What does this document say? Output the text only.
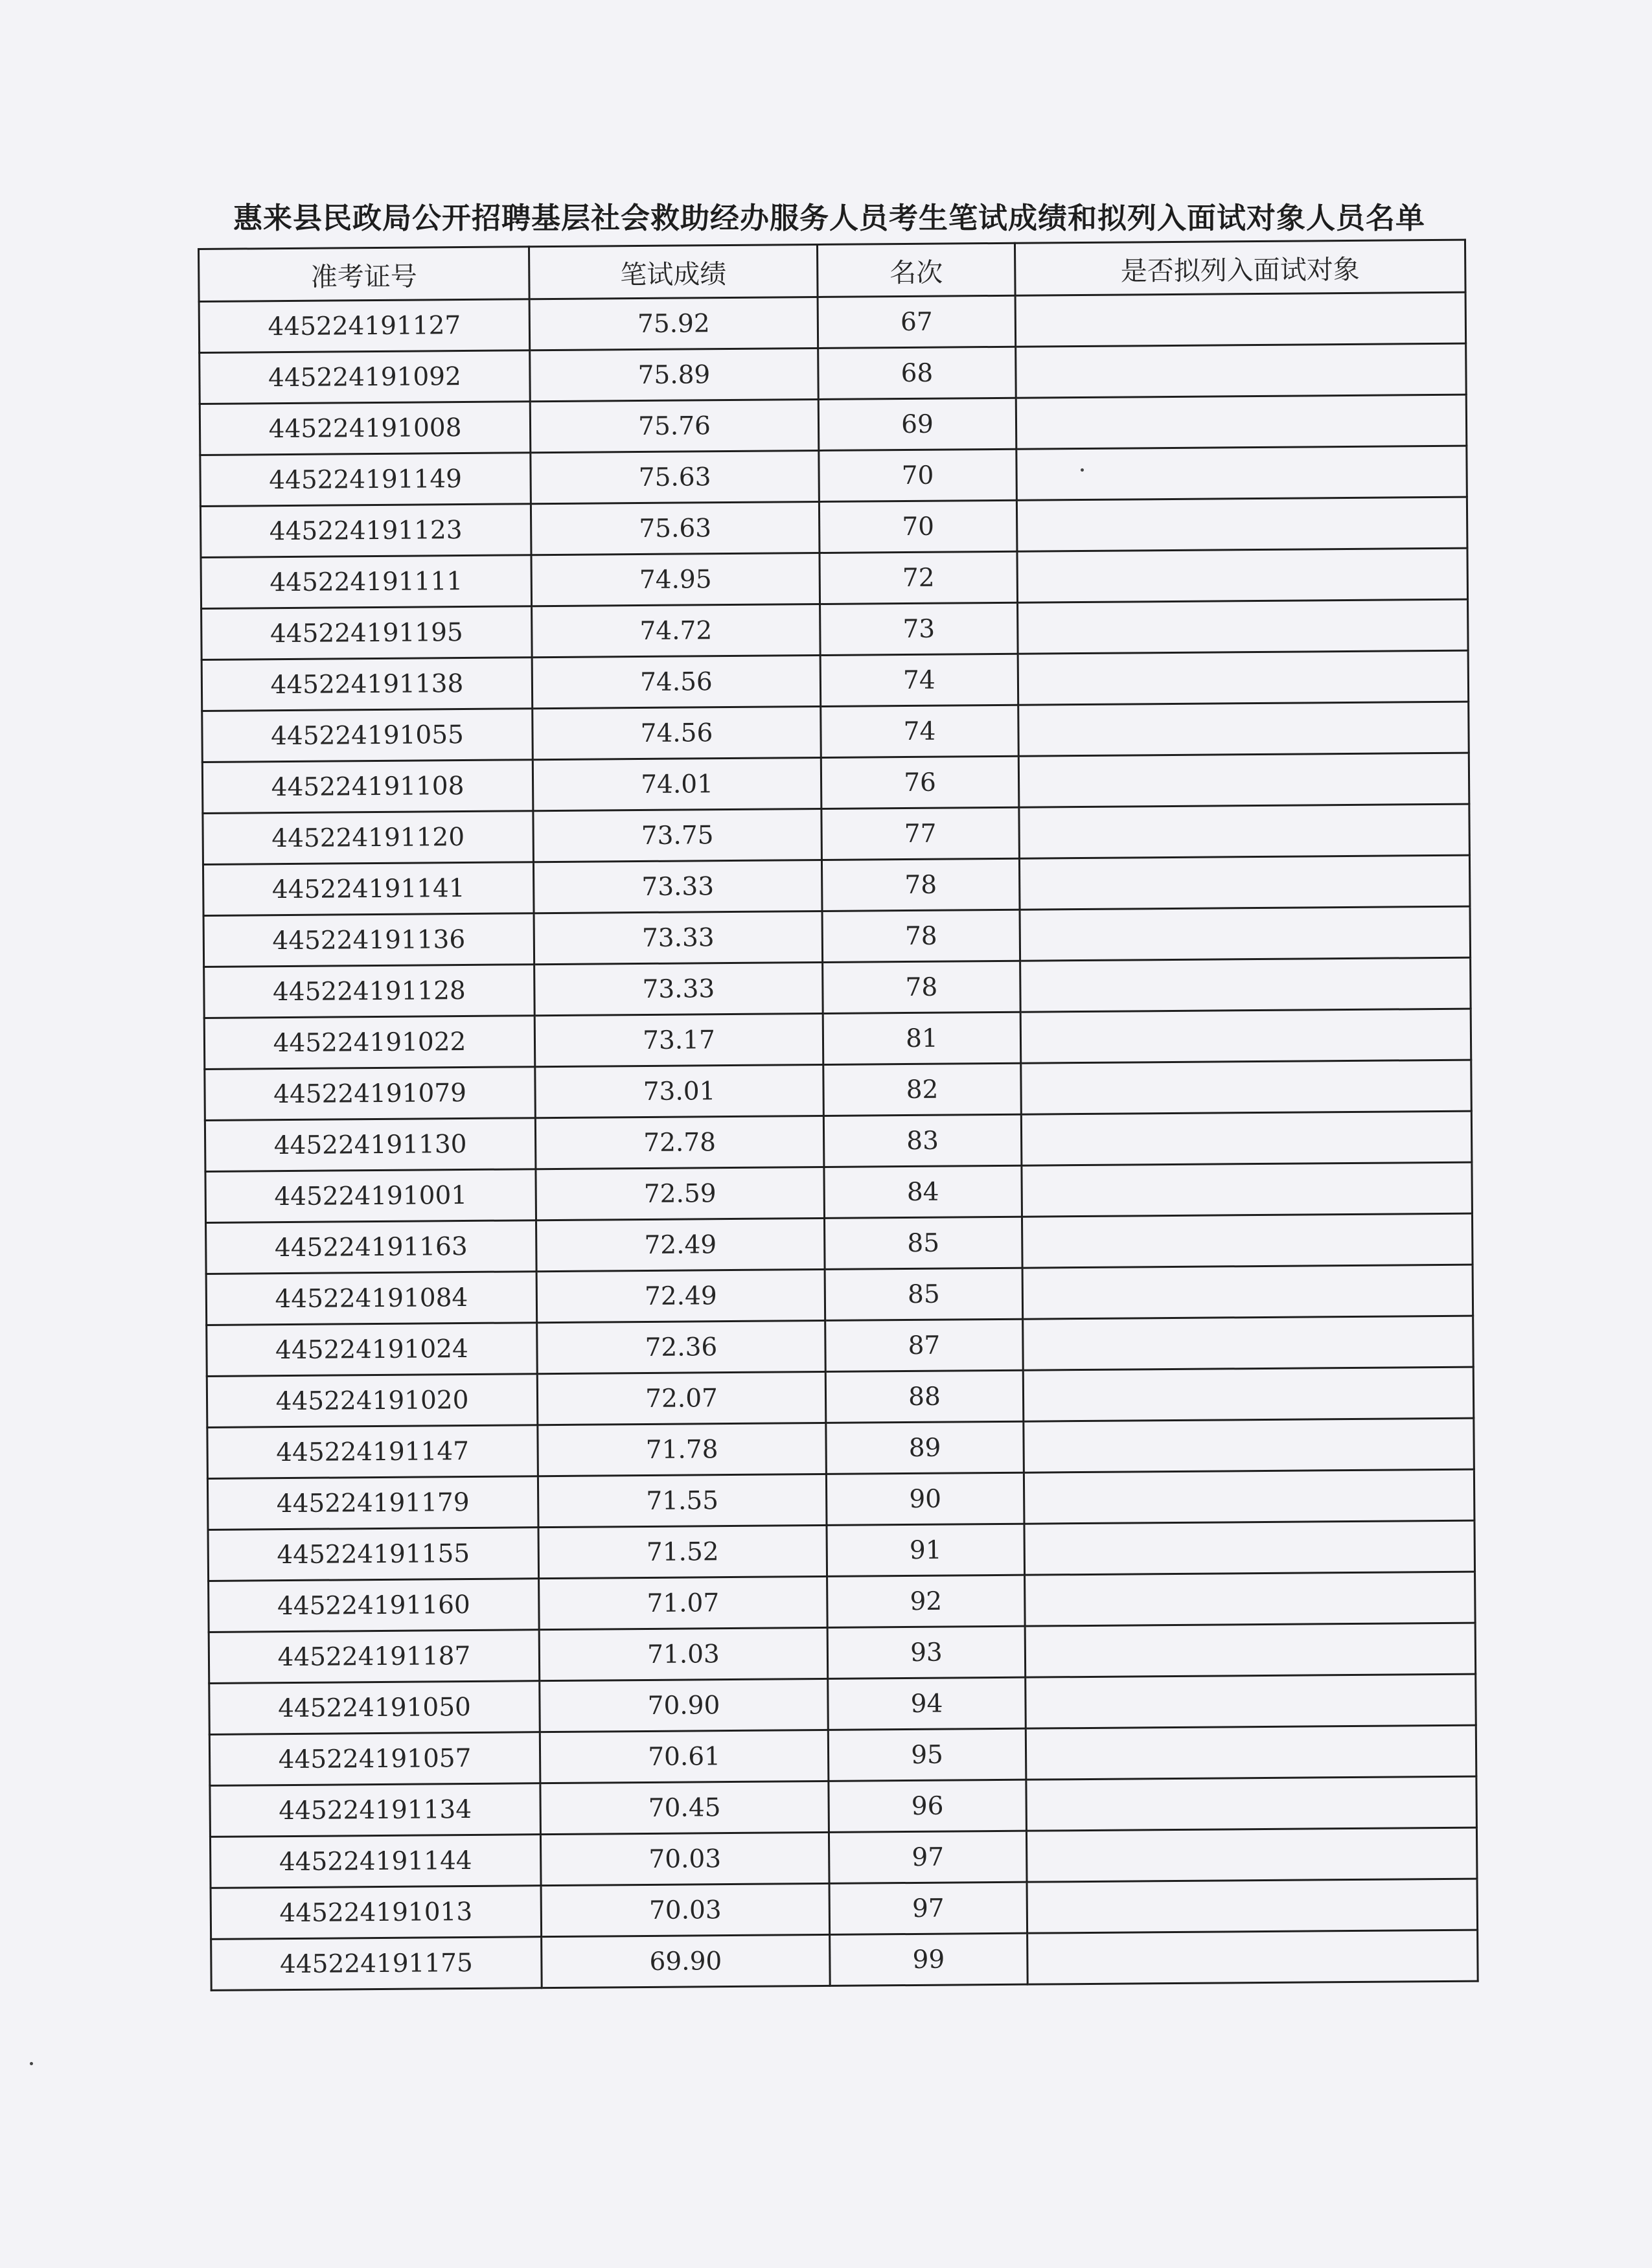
惠来县民政局公开招聘基层社会救助经办服务人员考生笔试成绩和拟列入面试对象人员名单
准考证号	笔试成绩	名次	是否拟列入面试对象
445224191127	75.92	67	
445224191092	75.89	68	
445224191008	75.76	69	
445224191149	75.63	70	
445224191123	75.63	70	
445224191111	74.95	72	
445224191195	74.72	73	
445224191138	74.56	74	
445224191055	74.56	74	
445224191108	74.01	76	
445224191120	73.75	77	
445224191141	73.33	78	
445224191136	73.33	78	
445224191128	73.33	78	
445224191022	73.17	81	
445224191079	73.01	82	
445224191130	72.78	83	
445224191001	72.59	84	
445224191163	72.49	85	
445224191084	72.49	85	
445224191024	72.36	87	
445224191020	72.07	88	
445224191147	71.78	89	
445224191179	71.55	90	
445224191155	71.52	91	
445224191160	71.07	92	
445224191187	71.03	93	
445224191050	70.90	94	
445224191057	70.61	95	
445224191134	70.45	96	
445224191144	70.03	97	
445224191013	70.03	97	
445224191175	69.90	99	
